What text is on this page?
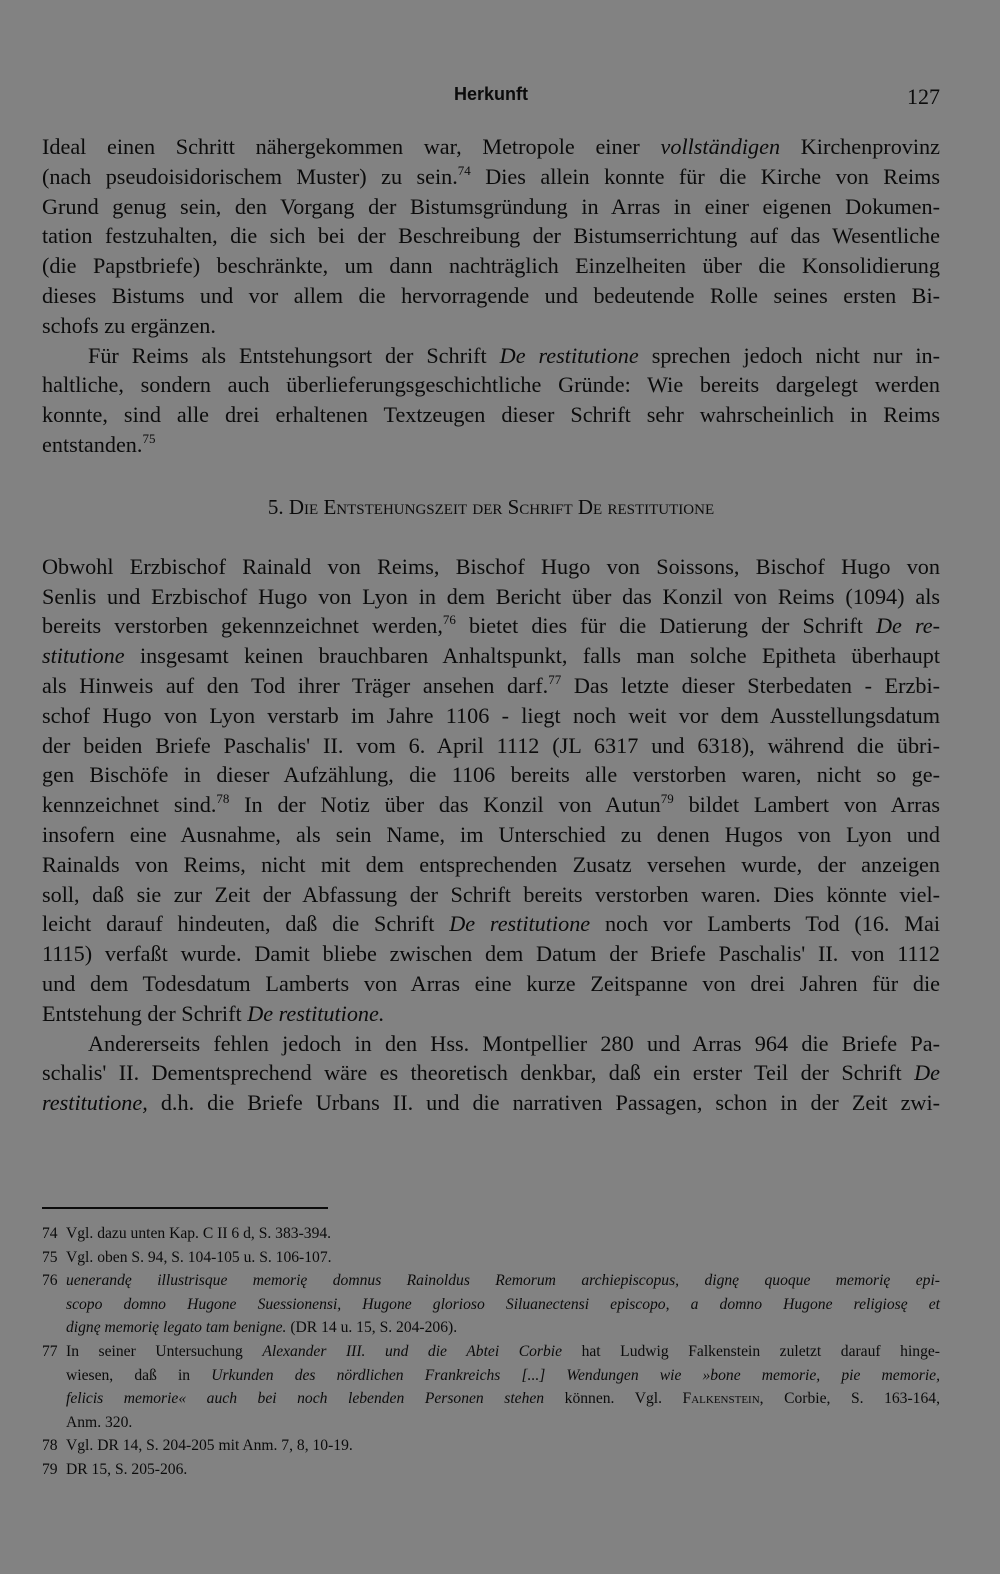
Herkunft	127
Ideal einen Schritt nähergekommen war, Metropole einer vollständigen Kirchenprovinz
(nach pseudoisidorischem Muster) zu sein.$^{74}$ Dies allein konnte für die Kirche von Reims
Grund genug sein, den Vorgang der Bistumsgründung in Arras in einer eigenen Dokumen-
tation festzuhalten, die sich bei der Beschreibung der Bistumserrichtung auf das Wesentliche
(die Papstbriefe) beschränkte, um dann nachträglich Einzelheiten über die Konsolidierung
dieses Bistums und vor allem die hervorragende und bedeutende Rolle seines ersten Bi-
schofs zu ergänzen.
Für Reims als Entstehungsort der Schrift De restitutione sprechen jedoch nicht nur in-
haltliche, sondern auch überlieferungsgeschichtliche Gründe: Wie bereits dargelegt werden
konnte, sind alle drei erhaltenen Textzeugen dieser Schrift sehr wahrscheinlich in Reims
entstanden.$^{75}$
5. Die Entstehungszeit der Schrift De restitutione
Obwohl Erzbischof Rainald von Reims, Bischof Hugo von Soissons, Bischof Hugo von
Senlis und Erzbischof Hugo von Lyon in dem Bericht über das Konzil von Reims (1094) als
bereits verstorben gekennzeichnet werden,$^{76}$ bietet dies für die Datierung der Schrift De re-
stitutione insgesamt keinen brauchbaren Anhaltspunkt, falls man solche Epitheta überhaupt
als Hinweis auf den Tod ihrer Träger ansehen darf.$^{77}$ Das letzte dieser Sterbedaten - Erzbi-
schof Hugo von Lyon verstarb im Jahre 1106 - liegt noch weit vor dem Ausstellungsdatum
der beiden Briefe Paschalis' II. vom 6. April 1112 (JL 6317 und 6318), während die übri-
gen Bischöfe in dieser Aufzählung, die 1106 bereits alle verstorben waren, nicht so ge-
kennzeichnet sind.$^{78}$ In der Notiz über das Konzil von Autun$^{79}$ bildet Lambert von Arras
insofern eine Ausnahme, als sein Name, im Unterschied zu denen Hugos von Lyon und
Rainalds von Reims, nicht mit dem entsprechenden Zusatz versehen wurde, der anzeigen
soll, daß sie zur Zeit der Abfassung der Schrift bereits verstorben waren. Dies könnte viel-
leicht darauf hindeuten, daß die Schrift De restitutione noch vor Lamberts Tod (16. Mai
1115) verfaßt wurde. Damit bliebe zwischen dem Datum der Briefe Paschalis' II. von 1112
und dem Todesdatum Lamberts von Arras eine kurze Zeitspanne von drei Jahren für die
Entstehung der Schrift De restitutione.
Andererseits fehlen jedoch in den Hss. Montpellier 280 und Arras 964 die Briefe Pa-
schalis' II. Dementsprechend wäre es theoretisch denkbar, daß ein erster Teil der Schrift De
restitutione, d.h. die Briefe Urbans II. und die narrativen Passagen, schon in der Zeit zwi-
74 Vgl. dazu unten Kap. C II 6 d, S. 383-394.
75 Vgl. oben S. 94, S. 104-105 u. S. 106-107.
76 uenerandę illustrisque memorię domnus Rainoldus Remorum archiepiscopus, dignę quoque memorię epi-
scopo domno Hugone Suessionensi, Hugone glorioso Siluanectensi episcopo, a domno Hugone religiosę et
dignę memorię legato tam benigne. (DR 14 u. 15, S. 204-206).
77 In seiner Untersuchung Alexander III. und die Abtei Corbie hat Ludwig Falkenstein zuletzt darauf hinge-
wiesen, daß in Urkunden des nördlichen Frankreichs [...] Wendungen wie »bone memorie, pie memorie,
felicis memorie« auch bei noch lebenden Personen stehen können. Vgl. Falkenstein, Corbie, S. 163-164,
Anm. 320.
78 Vgl. DR 14, S. 204-205 mit Anm. 7, 8, 10-19.
79 DR 15, S. 205-206.
